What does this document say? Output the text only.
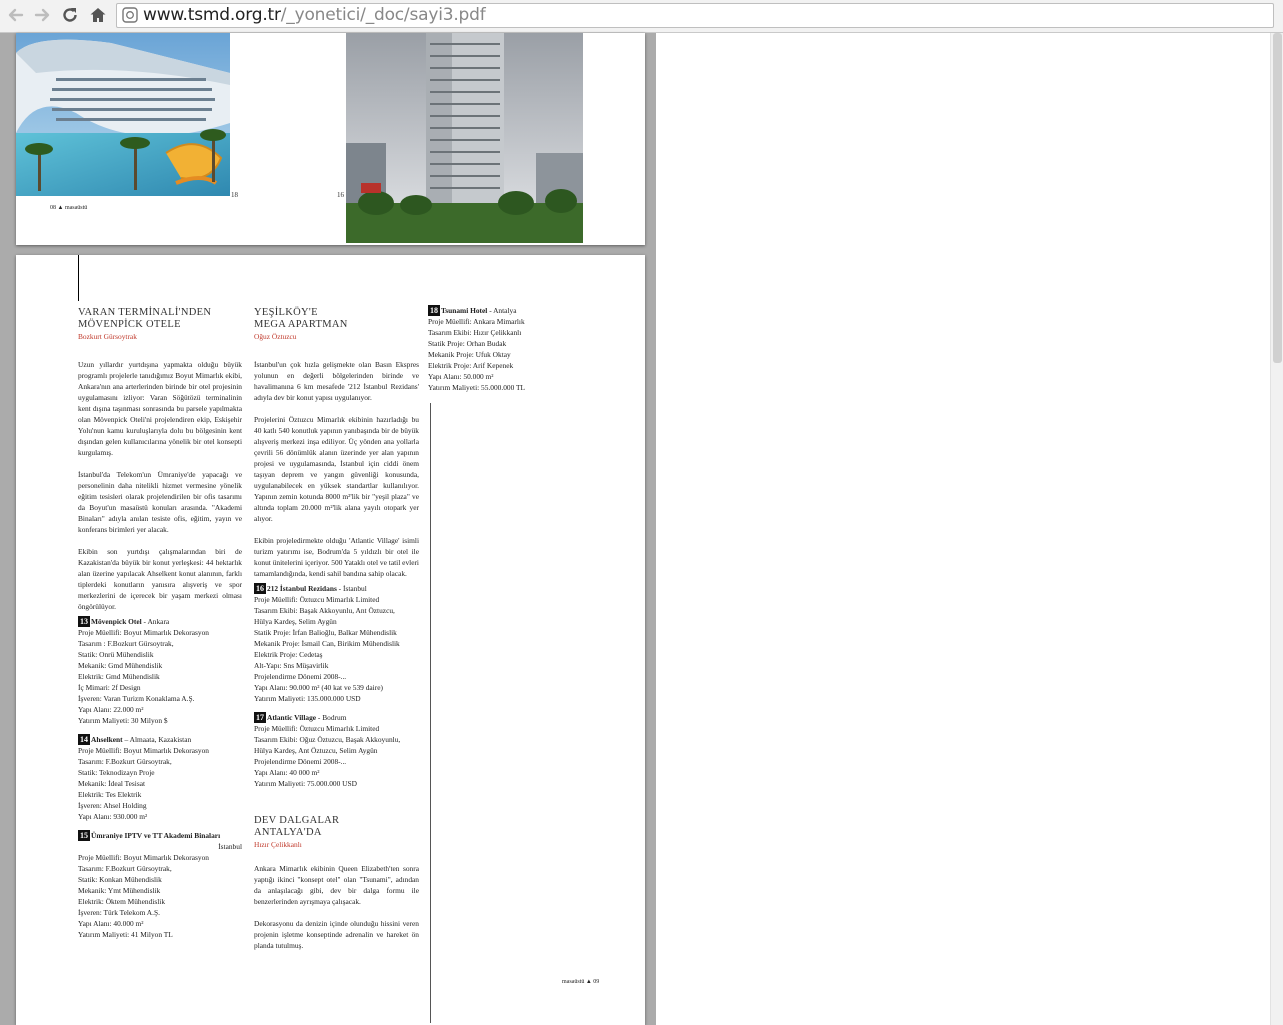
www.tsmd.org.tr/_yonetici/_doc/sayi3.pdf
18	16
08 ▲ masaüstü

VARAN TERMİNALİ'NDEN

MÖVENPİCK OTELE

Bozkurt Gürsoytrak

Uzun yıllardır yurtdışına yapmakta olduğu büyük programlı projelerle tanıdığımız Boyut Mimarlık ekibi, Ankara'nın ana arterlerinden birinde bir otel projesinin uygulamasını izliyor: Varan Söğütözü terminalinin kent dışına taşınması sonrasında bu parsele yapılmakta olan Mövenpick Oteli'ni projelendiren ekip, Eskişehir Yolu'nun kamu kuruluşlarıyla dolu bu bölgesinin kent dışından gelen kullanıcılarına yönelik bir otel konsepti kurgulamış.

İstanbul'da Telekom'un Ümraniye'de yapacağı ve personelinin daha nitelikli hizmet vermesine yönelik eğitim tesisleri olarak projelendirilen bir ofis tasarımı da Boyut'un masaüstü konuları arasında. "Akademi Binaları" adıyla anılan tesiste ofis, eğitim, yayın ve konferans birimleri yer alacak.

Ekibin son yurtdışı çalışmalarından biri de Kazakistan'da büyük bir konut yerleşkesi: 44 hektarlık alan üzerine yapılacak Ahselkent konut alanının, farklı tiplerdeki konutların yanısıra alışveriş ve spor merkezlerini de içerecek bir yaşam merkezi olması öngörülüyor.

13 Mövenpick Otel - Ankara

Proje Müellifi: Boyut Mimarlık Dekorasyon

Tasarım : F.Bozkurt Gürsoytrak,

Statik: Onrü Mühendislik

Mekanik: Gmd Mühendislik

Elektrik: Gmd Mühendislik

İç Mimari: 2f Design

İşveren: Varan Turizm Konaklama A.Ş.

Yapı Alanı: 22.000 m²

Yatırım Maliyeti: 30 Milyon $

14 Ahselkent – Almaata, Kazakistan

Proje Müellifi: Boyut Mimarlık Dekorasyon

Tasarım: F.Bozkurt Gürsoytrak,

Statik: Teknodizayn Proje

Mekanik: İdeal Tesisat

Elektrik: Tes Elektrik

İşveren: Ahsel Holding

Yapı Alanı: 930.000 m²

15 Ümraniye IPTV ve TT Akademi Binaları

İstanbul

Proje Müellifi: Boyut Mimarlık Dekorasyon

Tasarım: F.Bozkurt Gürsoytrak,

Statik: Konkan Mühendislik

Mekanik: Ymt Mühendislik

Elektrik: Öktem Mühendislik

İşveren: Türk Telekom A.Ş.

Yapı Alanı: 40.000 m²

Yatırım Maliyeti: 41 Milyon TL

YEŞİLKÖY'E

MEGA APARTMAN

Oğuz Öztuzcu

İstanbul'un çok hızla gelişmekte olan Basın Ekspres yolunun en değerli bölgelerinden birinde ve havalimanına 6 km mesafede '212 İstanbul Rezidans' adıyla dev bir konut yapısı uygulanıyor.

Projelerini Öztuzcu Mimarlık ekibinin hazırladığı bu 40 katlı 540 konutluk yapının yanıbaşında bir de büyük alışveriş merkezi inşa ediliyor. Üç yönden ana yollarla çevrili 56 dönümlük alanın üzerinde yer alan yapının projesi ve uygulamasında, İstanbul için ciddi önem taşıyan deprem ve yangın güvenliği konusunda, uygulanabilecek en yüksek standartlar kullanılıyor. Yapının zemin kotunda 8000 m²'lik bir "yeşil plaza" ve altında toplam 20.000 m²'lik alana yayılı otopark yer alıyor.

Ekibin projeledirmekte olduğu 'Atlantic Village' isimli turizm yatırımı ise, Bodrum'da 5 yıldızlı bir otel ile konut ünitelerini içeriyor. 500 Yataklı otel ve tatil evleri tamamlandığında, kendi sahil bandına sahip olacak.

16 212 İstanbul Rezidans - İstanbul

Proje Müellifi: Öztuzcu Mimarlık Limited

Tasarım Ekibi: Başak Akkoyunlu, Ant Öztuzcu,

Hülya Kardeş, Selim Aygün

Statik Proje: İrfan Balioğlu, Balkar Mühendislik

Mekanik Proje: İsmail Can, Birikim Mühendislik

Elektrik Proje: Cedetaş

Alt-Yapı: Sns Müşavirlik

Projelendirme Dönemi 2008-...

Yapı Alanı: 90.000 m² (40 kat ve 539 daire)

Yatırım Maliyeti: 135.000.000 USD

17 Atlantic Village - Bodrum

Proje Müellifi: Öztuzcu Mimarlık Limited

Tasarım Ekibi: Oğuz Öztuzcu, Başak Akkoyunlu,

Hülya Kardeş, Ant Öztuzcu, Selim Aygün

Projelendirme Dönemi 2008-...

Yapı Alanı: 40 000 m²

Yatırım Maliyeti: 75.000.000 USD

DEV DALGALAR

ANTALYA'DA

Hızır Çelikkanlı

Ankara Mimarlık ekibinin Queen Elizabeth'ten sonra yaptığı ikinci "konsept otel" olan "Tsunami", adından da anlaşılacağı gibi, dev bir dalga formu ile benzerlerinden ayrışmaya çalışacak.

Dekorasyonu da denizin içinde olunduğu hissini veren projenin işletme konseptinde adrenalin ve hareket ön planda tutulmuş.

18 Tsunami Hotel - Antalya

Proje Müellifi: Ankara Mimarlık

Tasarım Ekibi: Hızır Çelikkanlı

Statik Proje: Orhan Budak

Mekanik Proje: Ufuk Oktay

Elektrik Proje: Arif Kepenek

Yapı Alanı: 50.000 m²

Yatırım Maliyeti: 55.000.000 TL

masaüstü ▲ 09
